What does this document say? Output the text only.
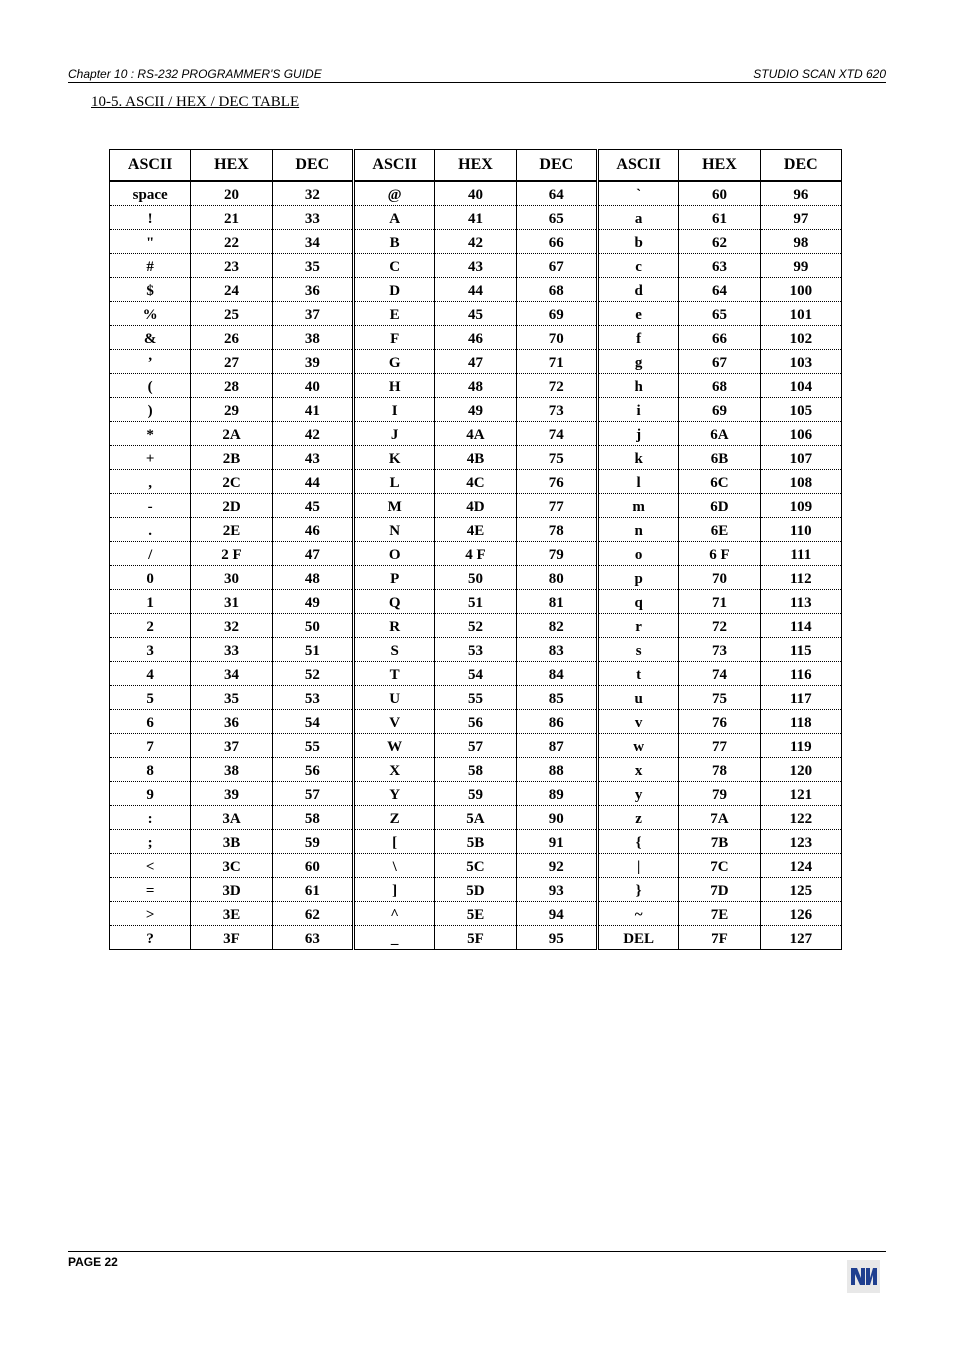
Chapter 10 : RS-232 PROGRAMMER'S GUIDE	STUDIO SCAN XTD 620
10-5. ASCII / HEX / DEC TABLE
ASCII	HEX	DEC	ASCII	HEX	DEC	ASCII	HEX	DEC
space	20	32	@	40	64	`	60	96
!	21	33	A	41	65	a	61	97
"	22	34	B	42	66	b	62	98
#	23	35	C	43	67	c	63	99
$	24	36	D	44	68	d	64	100
%	25	37	E	45	69	e	65	101
&	26	38	F	46	70	f	66	102
’	27	39	G	47	71	g	67	103
(	28	40	H	48	72	h	68	104
)	29	41	I	49	73	i	69	105
*	2A	42	J	4A	74	j	6A	106
+	2B	43	K	4B	75	k	6B	107
,	2C	44	L	4C	76	l	6C	108
-	2D	45	M	4D	77	m	6D	109
.	2E	46	N	4E	78	n	6E	110
/	2 F	47	O	4 F	79	o	6 F	111
0	30	48	P	50	80	p	70	112
1	31	49	Q	51	81	q	71	113
2	32	50	R	52	82	r	72	114
3	33	51	S	53	83	s	73	115
4	34	52	T	54	84	t	74	116
5	35	53	U	55	85	u	75	117
6	36	54	V	56	86	v	76	118
7	37	55	W	57	87	w	77	119
8	38	56	X	58	88	x	78	120
9	39	57	Y	59	89	y	79	121
:	3A	58	Z	5A	90	z	7A	122
;	3B	59	[	5B	91	{	7B	123
<	3C	60	\	5C	92	|	7C	124
=	3D	61	]	5D	93	}	7D	125
>	3E	62	^	5E	94	~	7E	126
?	3F	63	_	5F	95	DEL	7F	127
PAGE 22
